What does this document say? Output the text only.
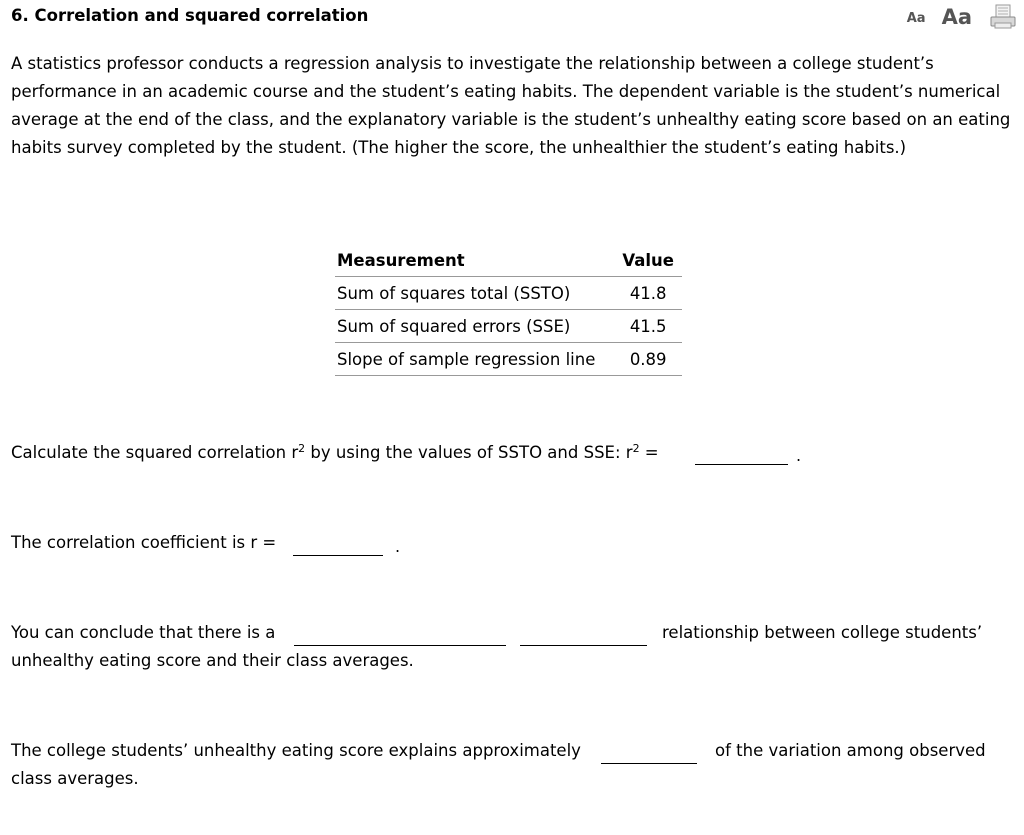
6. Correlation and squared correlation	Aa Aa
A statistics professor conducts a regression analysis to investigate the relationship between a college student’s performance in an academic course and the student’s eating habits. The dependent variable is the student’s numerical average at the end of the class, and the explanatory variable is the student’s unhealthy eating score based on an eating habits survey completed by the student. (The higher the score, the unhealthier the student’s eating habits.)
Measurement	Value
Sum of squares total (SSTO)	41.8
Sum of squared errors (SSE)	41.5
Slope of sample regression line	0.89
Calculate the squared correlation $r^2$ by using the values of SSTO and SSE: $r^2$ =	.
The correlation coefficient is r =	.
You can conclude that there is a	relationship between college students’
unhealthy eating score and their class averages.
The college students’ unhealthy eating score explains approximately	of the variation among observed
class averages.
